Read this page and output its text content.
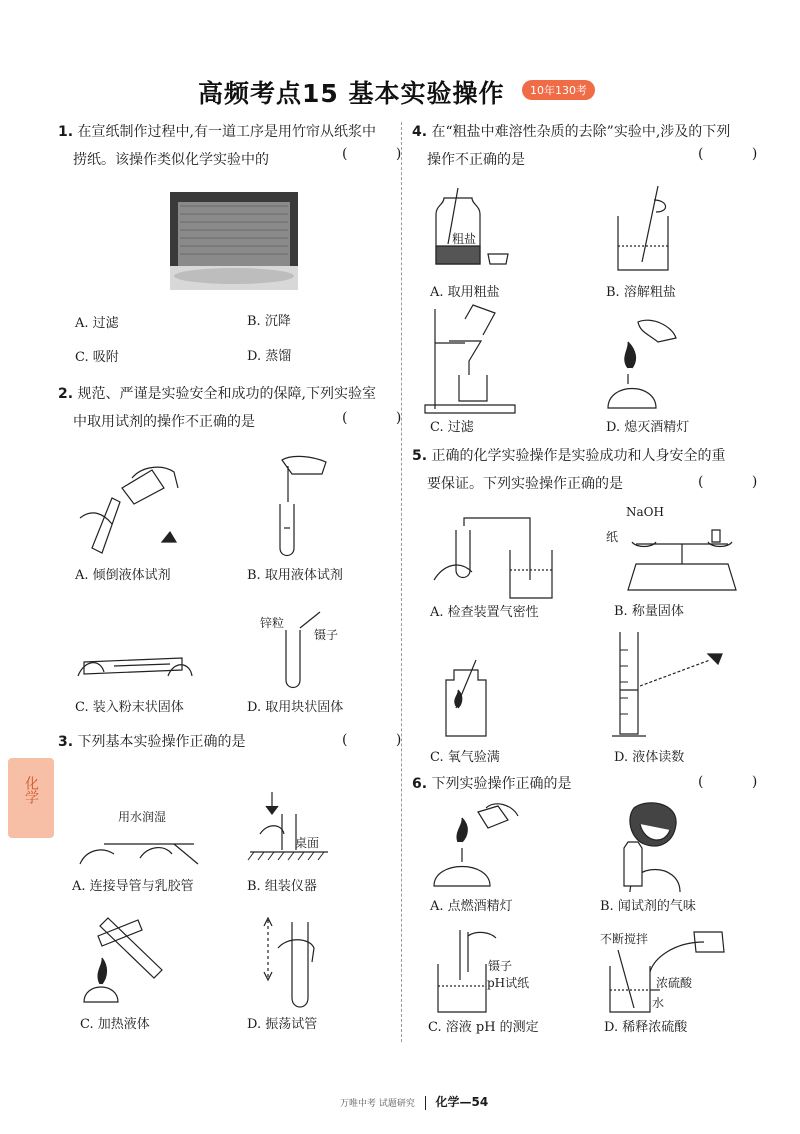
高频考点15 基本实验操作	10年130考
化学
1. 在宣纸制作过程中,有一道工序是用竹帘从纸浆中
捞纸。该操作类似化学实验中的	( )
A. 过滤	B. 沉降
C. 吸附	D. 蒸馏
2. 规范、严谨是实验安全和成功的保障,下列实验室
中取用试剂的操作不正确的是	( )
A. 倾倒液体试剂	B. 取用液体试剂
C. 装入粉末状固体
锌粒
镊子
D. 取用块状固体
3. 下列基本实验操作正确的是	( )
用水润湿
A. 连接导管与乳胶管
桌面
B. 组装仪器
C. 加热液体	D. 振荡试管
4. 在“粗盐中难溶性杂质的去除”实验中,涉及的下列
操作不正确的是	( )
粗盐
A. 取用粗盐	B. 溶解粗盐
C. 过滤	D. 熄灭酒精灯
5. 正确的化学实验操作是实验成功和人身安全的重
要保证。下列实验操作正确的是	( )
A. 检查装置气密性
NaOH
纸
B. 称量固体
C. 氧气验满	D. 液体读数
6. 下列实验操作正确的是	( )
A. 点燃酒精灯	B. 闻试剂的气味
镊子
pH试纸
C. 溶液 pH 的测定
不断搅拌
浓硫酸
水
D. 稀释浓硫酸
万唯中考 试题研究 化学—54
